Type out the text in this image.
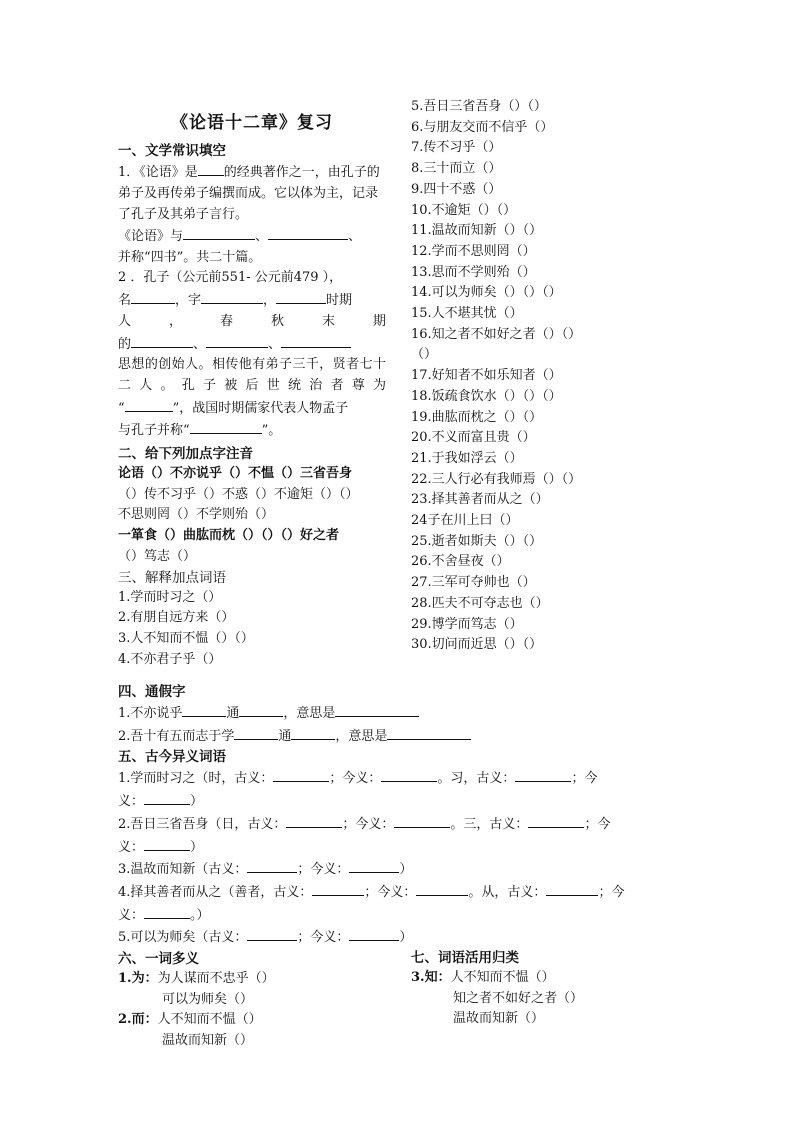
《论语十二章》复习
一、文学常识填空
1．《论语》是 的经典著作之一，由孔子的弟子及再传弟子编撰而成。它以体为主，记录了孔子及其弟子言行。
《论语》与	、	、
并称“四书”。共二十篇。
2 ．孔子（公元前551- 公元前479 ），
名	，字	，	时期
人	，	春	秋	末	期
的	、	、
思想的创始人。相传他有弟子三千，贤者七十二人。孔子被后世统治者尊为
“	”，战国时期儒家代表人物孟子
与孔子并称“	”。
二、给下列加点字注音
论语（）不亦说乎（）不愠（）三省吾身
（）传不习乎（）不惑（）不逾矩（）（）
不思则罔（）不学则殆（）
一箪食（）曲肱而枕（）（）（）好之者
（）笃志（）
三、解释加点词语
1.学而时习之（）
2.有朋自远方来（）
3.人不知而不愠（）（）
4.不亦君子乎（）
5.吾日三省吾身（）（）
6.与朋友交而不信乎（）
7.传不习乎（）
8.三十而立（）
9.四十不惑（）
10.不逾矩（）（）
11.温故而知新（）（）
12.学而不思则罔（）
13.思而不学则殆（）
14.可以为师矣（）（）（）
15.人不堪其忧（）
16.知之者不如好之者（）（）
（）
17.好知者不如乐知者（）
18.饭疏食饮水（）（）（）
19.曲肱而枕之（）（）
20.不义而富且贵（）
21.于我如浮云（）
22.三人行必有我师焉（）（）
23.择其善者而从之（）
24子在川上曰（）
25.逝者如斯夫（）（）
26.不舍昼夜（）
27.三军可夺帅也（）
28.匹夫不可夺志也（）
29.博学而笃志（）
30.切问而近思（）（）
四、通假字
1.不亦说乎	通	，意思是
2.吾十有五而志于学	通	，意思是
五、古今异义词语
1.学而时习之（时，古义：	；今义：	。习，古义：	；今
义：	）
2.吾日三省吾身（日，古义：	；今义：	。三，古义：	；今
义：	）
3.温故而知新（古义：	；今义：	）
4.择其善者而从之（善者，古义：	；今义：	。从，古义：	；今
义：	。）
5.可以为师矣（古义：	；今义：	）
六、一词多义
1.为：为人谋而不忠乎（）
可以为师矣（）
2.而：人不知而不愠（）
温故而知新（）
七、词语活用归类
3.知：人不知而不愠（）
知之者不如好之者（）
温故而知新（）
